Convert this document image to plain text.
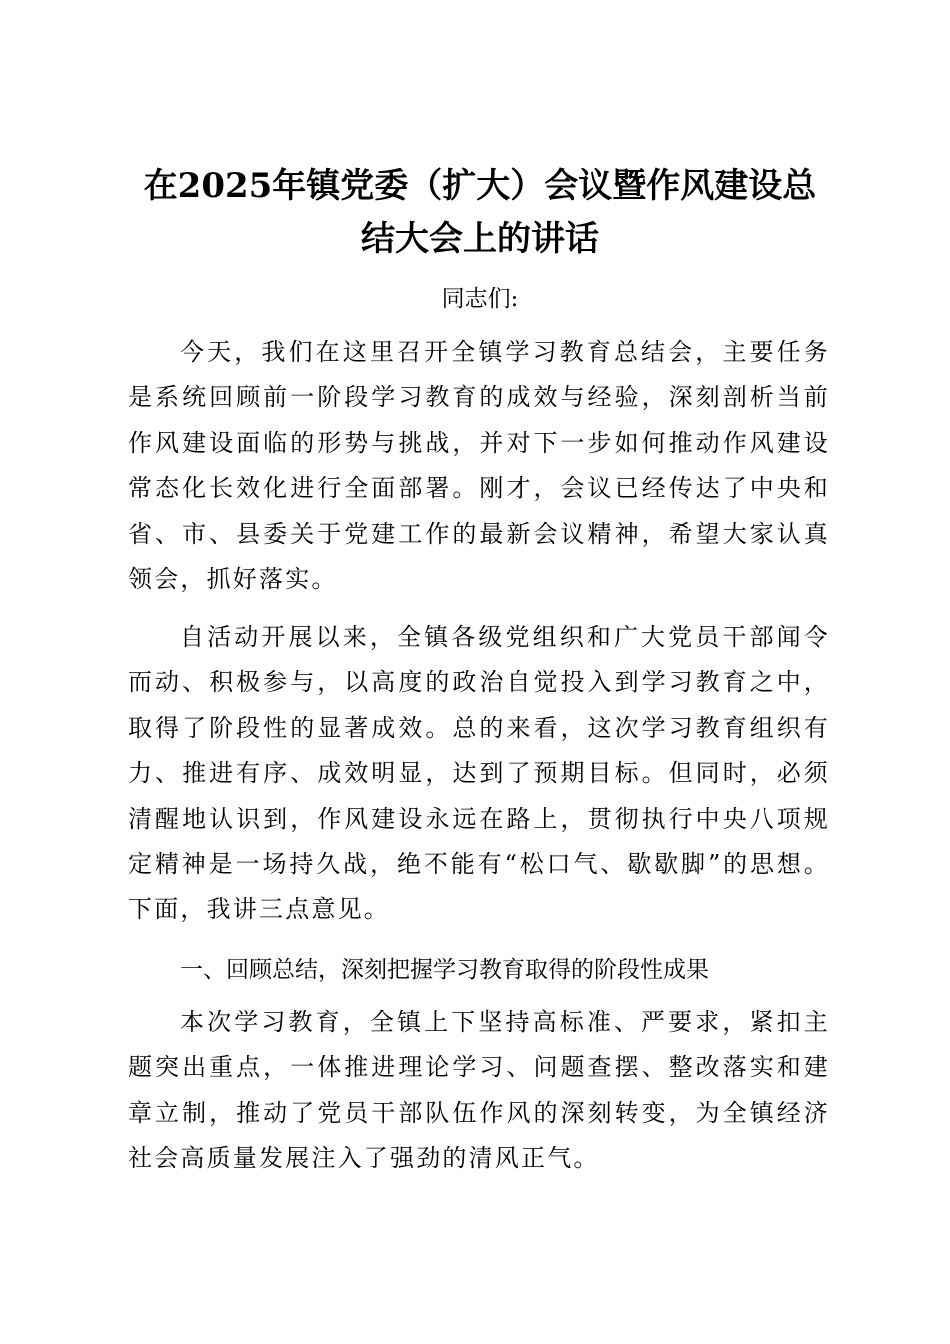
在2025年镇党委（扩大）会议暨作风建设总结大会上的讲话

同志们:

今天，我们在这里召开全镇学习教育总结会，主要任务是系统回顾前一阶段学习教育的成效与经验，深刻剖析当前作风建设面临的形势与挑战，并对下一步如何推动作风建设常态化长效化进行全面部署。刚才，会议已经传达了中央和省、市、县委关于党建工作的最新会议精神，希望大家认真领会，抓好落实。

自活动开展以来，全镇各级党组织和广大党员干部闻令而动、积极参与，以高度的政治自觉投入到学习教育之中，取得了阶段性的显著成效。总的来看，这次学习教育组织有力、推进有序、成效明显，达到了预期目标。但同时，必须清醒地认识到，作风建设永远在路上，贯彻执行中央八项规定精神是一场持久战，绝不能有“松口气、歇歇脚”的思想。下面，我讲三点意见。

一、回顾总结，深刻把握学习教育取得的阶段性成果

本次学习教育，全镇上下坚持高标准、严要求，紧扣主题突出重点，一体推进理论学习、问题查摆、整改落实和建章立制，推动了党员干部队伍作风的深刻转变，为全镇经济社会高质量发展注入了强劲的清风正气。
